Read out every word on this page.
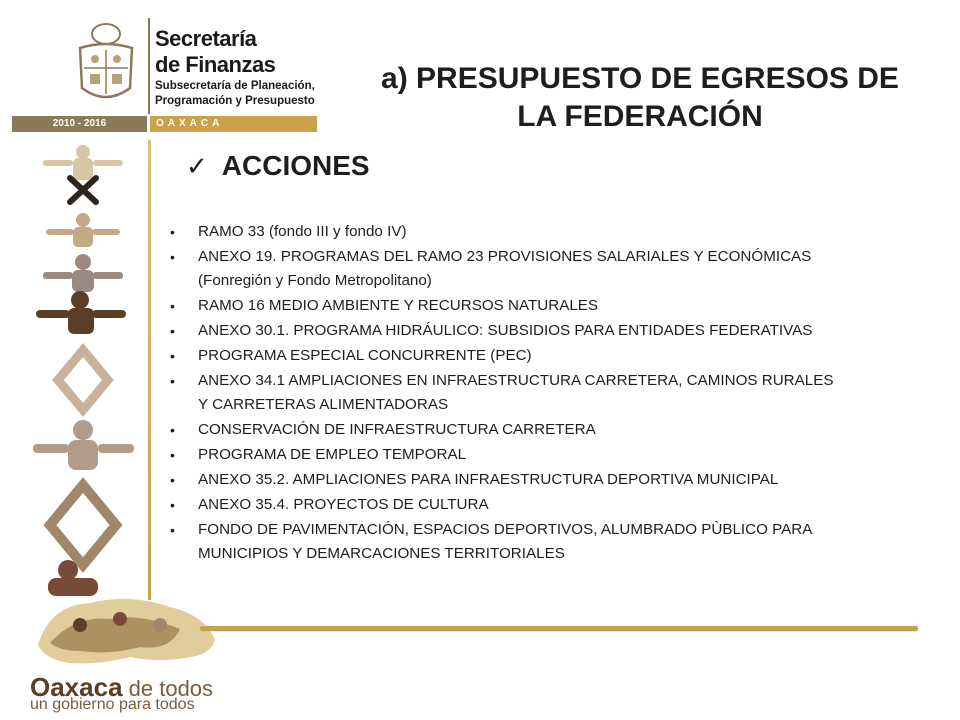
Secretaría
de Finanzas
Subsecretaría de Planeación,
Programación y Presupuesto
2010 - 2016	OAXACA
a) PRESUPUESTO DE EGRESOS DE
LA FEDERACIÓN
✓ ACCIONES
• RAMO 33 (fondo III y fondo IV)
• ANEXO 19. PROGRAMAS DEL RAMO 23 PROVISIONES SALARIALES Y ECONÓMICAS
(Fonregión y Fondo Metropolitano)
• RAMO 16 MEDIO AMBIENTE Y RECURSOS NATURALES
• ANEXO 30.1. PROGRAMA HIDRÁULICO: SUBSIDIOS PARA ENTIDADES FEDERATIVAS
• PROGRAMA ESPECIAL CONCURRENTE (PEC)
• ANEXO 34.1 AMPLIACIONES EN INFRAESTRUCTURA CARRETERA, CAMINOS RURALES
Y CARRETERAS ALIMENTADORAS
• CONSERVACIÓN DE INFRAESTRUCTURA CARRETERA
• PROGRAMA DE EMPLEO TEMPORAL
• ANEXO 35.2. AMPLIACIONES PARA INFRAESTRUCTURA DEPORTIVA MUNICIPAL
• ANEXO 35.4. PROYECTOS DE CULTURA
• FONDO DE PAVIMENTACIÓN, ESPACIOS DEPORTIVOS, ALUMBRADO PÙBLICO PARA
MUNICIPIOS Y DEMARCACIONES TERRITORIALES
Oaxaca de todos
un gobierno para todos
